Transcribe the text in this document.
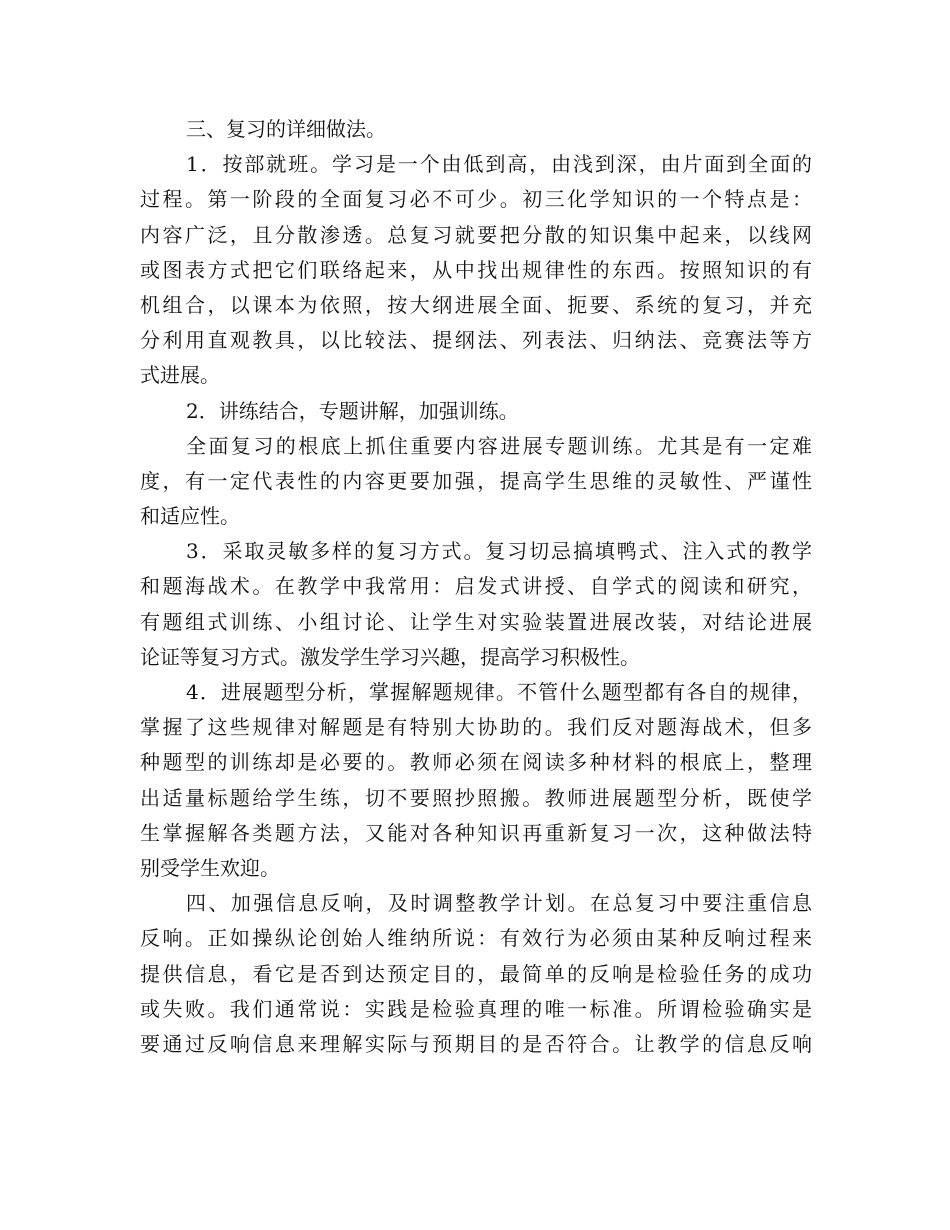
三、复习的详细做法。
1．按部就班。学习是一个由低到高，由浅到深，由片面到全面的
过程。第一阶段的全面复习必不可少。初三化学知识的一个特点是：
内容广泛，且分散渗透。总复习就要把分散的知识集中起来，以线网
或图表方式把它们联络起来，从中找出规律性的东西。按照知识的有
机组合，以课本为依照，按大纲进展全面、扼要、系统的复习，并充
分利用直观教具，以比较法、提纲法、列表法、归纳法、竞赛法等方
式进展。
2．讲练结合，专题讲解，加强训练。
全面复习的根底上抓住重要内容进展专题训练。尤其是有一定难
度，有一定代表性的内容更要加强，提高学生思维的灵敏性、严谨性
和适应性。
3．采取灵敏多样的复习方式。复习切忌搞填鸭式、注入式的教学
和题海战术。在教学中我常用：启发式讲授、自学式的阅读和研究，
有题组式训练、小组讨论、让学生对实验装置进展改装，对结论进展
论证等复习方式。激发学生学习兴趣，提高学习积极性。
4．进展题型分析，掌握解题规律。不管什么题型都有各自的规律，
掌握了这些规律对解题是有特别大协助的。我们反对题海战术，但多
种题型的训练却是必要的。教师必须在阅读多种材料的根底上，整理
出适量标题给学生练，切不要照抄照搬。教师进展题型分析，既使学
生掌握解各类题方法，又能对各种知识再重新复习一次，这种做法特
别受学生欢迎。
四、加强信息反响，及时调整教学计划。在总复习中要注重信息
反响。正如操纵论创始人维纳所说：有效行为必须由某种反响过程来
提供信息，看它是否到达预定目的，最简单的反响是检验任务的成功
或失败。我们通常说：实践是检验真理的唯一标准。所谓检验确实是
要通过反响信息来理解实际与预期目的是否符合。让教学的信息反响
